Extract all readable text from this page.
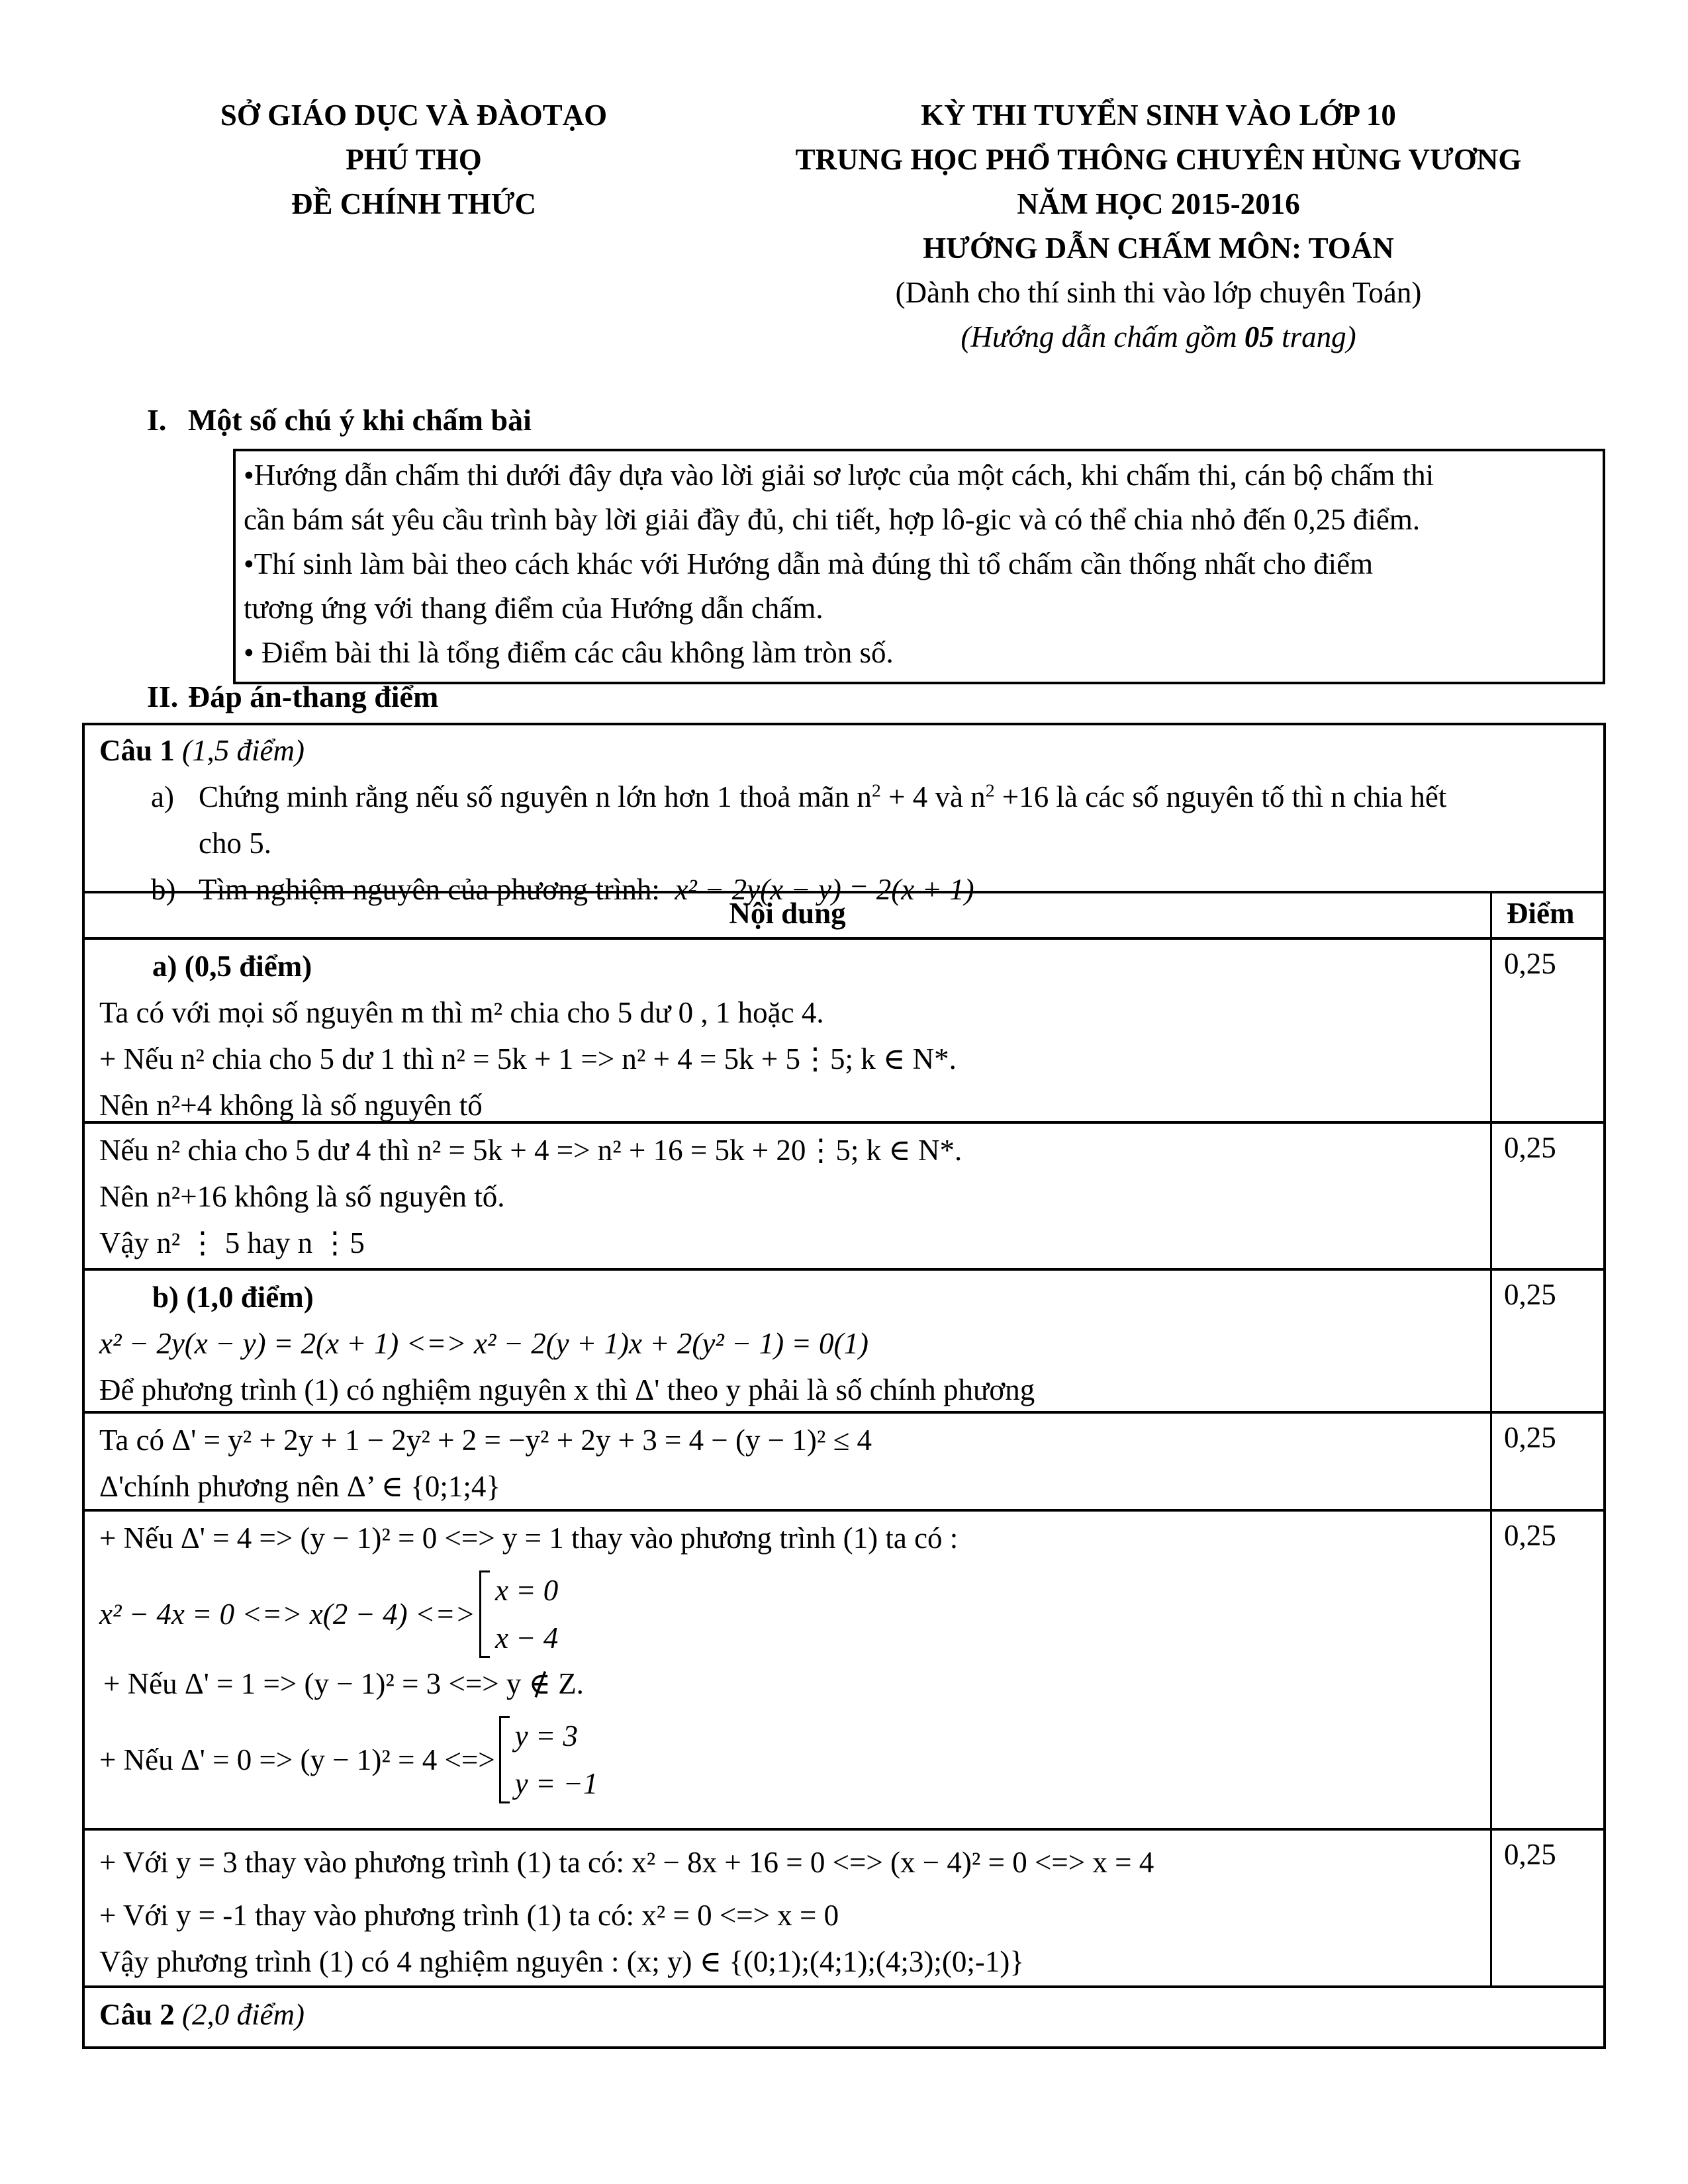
SỞ GIÁO DỤC VÀ ĐÀOTẠO
PHÚ THỌ
ĐỀ CHÍNH THỨC
KỲ THI TUYỂN SINH VÀO LỚP 10
TRUNG HỌC PHỔ THÔNG CHUYÊN HÙNG VƯƠNG
NĂM HỌC 2015-2016
HƯỚNG DẪN CHẤM MÔN: TOÁN
(Dành cho thí sinh thi vào lớp chuyên Toán)
(Hướng dẫn chấm gồm 05 trang)
I. Một số chú ý khi chấm bài
•Hướng dẫn chấm thi dưới đây dựa vào lời giải sơ lược của một cách, khi chấm thi, cán bộ chấm thi
cần bám sát yêu cầu trình bày lời giải đầy đủ, chi tiết, hợp lô-gic và có thể chia nhỏ đến 0,25 điểm.
•Thí sinh làm bài theo cách khác với Hướng dẫn mà đúng thì tổ chấm cần thống nhất cho điểm
tương ứng với thang điểm của Hướng dẫn chấm.
• Điểm bài thi là tổng điểm các câu không làm tròn số.
II. Đáp án-thang điểm
Câu 1 (1,5 điểm)
a) Chứng minh rằng nếu số nguyên n lớn hơn 1 thoả mãn $n^2 + 4$ và $n^2 +16$ là các số nguyên tố thì n chia hết
cho 5.
b) Tìm nghiệm nguyên của phương trình: x² − 2y(x − y) = 2(x + 1)
Nội dung	Điểm
a) (0,5 điểm)
Ta có với mọi số nguyên m thì m² chia cho 5 dư 0 , 1 hoặc 4.
+ Nếu n² chia cho 5 dư 1 thì n² = 5k + 1 => n² + 4 = 5k + 5⋮5; k ∈ N*.
Nên n²+4 không là số nguyên tố
0,25
Nếu n² chia cho 5 dư 4 thì n² = 5k + 4 => n² + 16 = 5k + 20⋮5; k ∈ N*.
Nên n²+16 không là số nguyên tố.
Vậy n² ⋮ 5 hay n ⋮5
0,25
b) (1,0 điểm)
x² − 2y(x − y) = 2(x + 1) <=> x² − 2(y + 1)x + 2(y² − 1) = 0(1)
Để phương trình (1) có nghiệm nguyên x thì Δ' theo y phải là số chính phương
0,25
Ta có Δ' = y² + 2y + 1 − 2y² + 2 = −y² + 2y + 3 = 4 − (y − 1)² ≤ 4
Δ'chính phương nên Δ’ ∈ {0;1;4}
0,25
+ Nếu Δ' = 4 => (y − 1)² = 0 <=> y = 1 thay vào phương trình (1) ta có :
x² − 4x = 0 <=> x(2 − 4) <=>
x = 0
x − 4
+ Nếu Δ' = 1 => (y − 1)² = 3 <=> y ∉ Z.
+ Nếu Δ' = 0 => (y − 1)² = 4 <=>
y = 3
y = −1
0,25
+ Với y = 3 thay vào phương trình (1) ta có: x² − 8x + 16 = 0 <=> (x − 4)² = 0 <=> x = 4
+ Với y = -1 thay vào phương trình (1) ta có: x² = 0 <=> x = 0
Vậy phương trình (1) có 4 nghiệm nguyên : (x; y) ∈ {(0;1);(4;1);(4;3);(0;-1)}
0,25
Câu 2 (2,0 điểm)
